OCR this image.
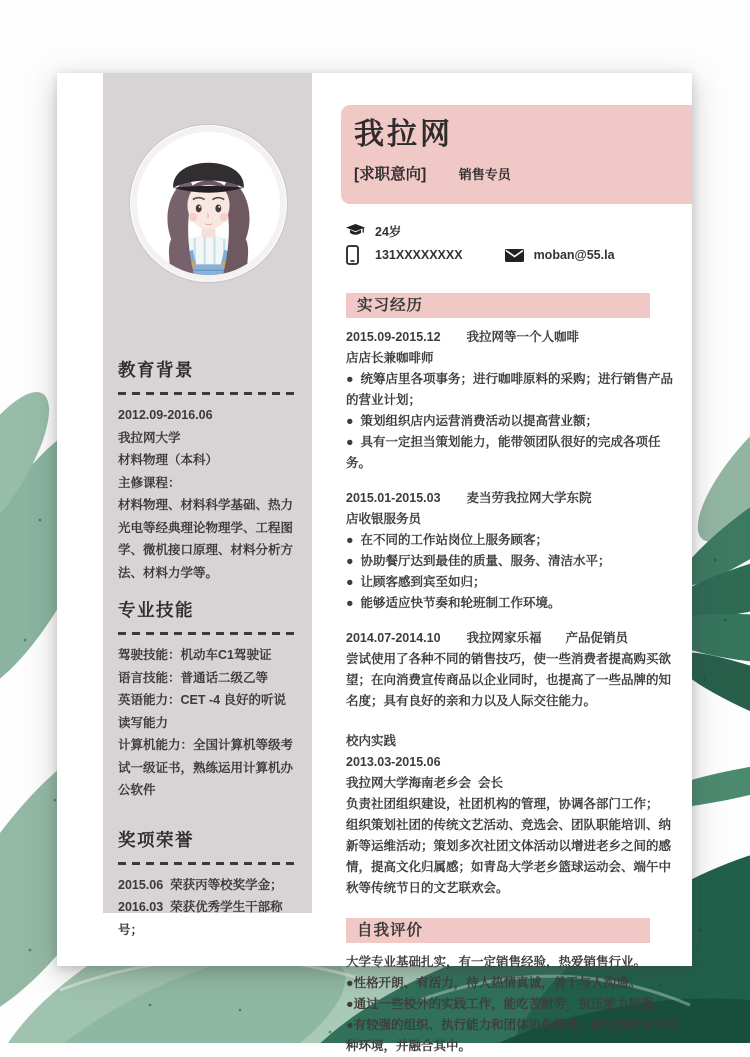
教育背景

2012.09-2016.06

我拉网大学

材料物理（本科）

主修课程：

材料物理、材料科学基础、热力光电等经典理论物理学、工程图学、微机接口原理、材料分析方法、材料力学等。

专业技能

驾驶技能：机动车C1驾驶证

语言技能：普通话二级乙等

英语能力：CET -4 良好的听说读写能力

计算机能力：全国计算机等级考试一级证书，熟练运用计算机办公软件

奖项荣誉

2015.06  荣获丙等校奖学金；

2016.03  荣获优秀学生干部称号；

我拉网
[求职意向] 销售专员
24岁
131XXXXXXXX	moban@55.la
实习经历

2015.09-2015.12 我拉网等一个人咖啡

店店长兼咖啡师

●  统筹店里各项事务；进行咖啡原料的采购；进行销售产品的营业计划；

●  策划组织店内运营消费活动以提高营业额；

●  具有一定担当策划能力，能带领团队很好的完成各项任务。

2015.01-2015.03 麦当劳我拉网大学东院

店收银服务员

●  在不同的工作站岗位上服务顾客；

●  协助餐厅达到最佳的质量、服务、清洁水平；

●  让顾客感到宾至如归；

●  能够适应快节奏和轮班制工作环境。

2014.07-2014.10 我拉网家乐福 产品促销员

尝试使用了各种不同的销售技巧，使一些消费者提高购买欲望；在向消费宣传商品以企业同时，也提高了一些品牌的知名度；具有良好的亲和力以及人际交往能力。

校内实践

2013.03-2015.06

我拉网大学海南老乡会 会长

负责社团组织建设，社团机构的管理，协调各部门工作；

组织策划社团的传统文艺活动、竞选会、团队职能培训、纳新等运维活动；策划多次社团文体活动以增进老乡之间的感情，提高文化归属感；如青岛大学老乡篮球运动会、端午中秋等传统节日的文艺联欢会。

自我评价

大学专业基础扎实，有一定销售经验，热爱销售行业。

● 性格开朗、有活力，待人热情真诚，善于与人沟通。

● 通过一些校外的实践工作，能吃苦耐劳，抗压能力较强。

● 有较强的组织、执行能力和团体协作精神，能迅速的适应各种环境，并融合其中。
